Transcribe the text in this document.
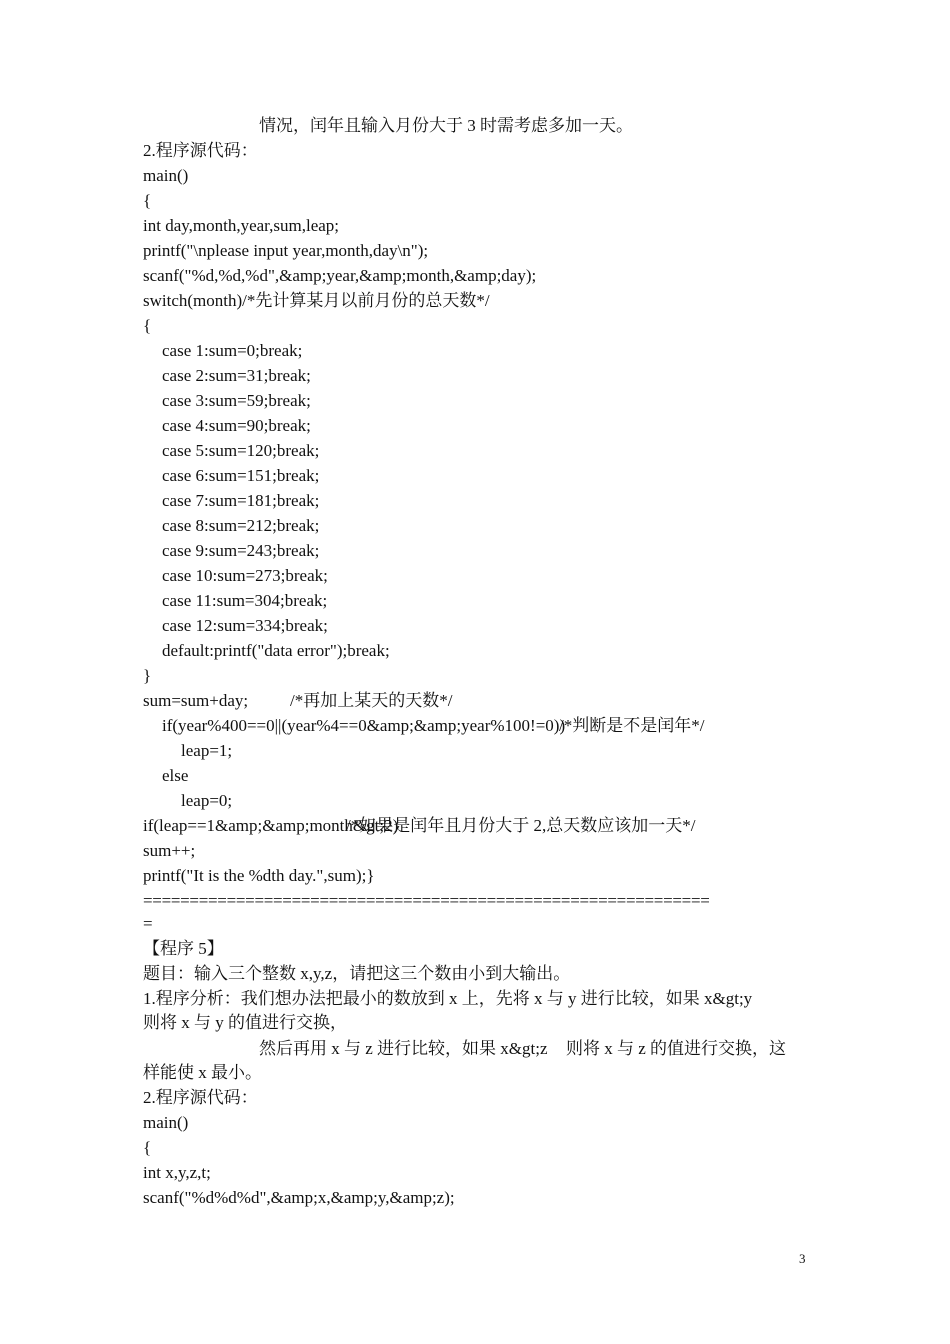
情况，闰年且输入月份大于 3 时需考虑多加一天。
2.程序源代码：
main()
{
int day,month,year,sum,leap;
printf("\nplease input year,month,day\n");
scanf("%d,%d,%d",&amp;year,&amp;month,&amp;day);
switch(month)/*先计算某月以前月份的总天数*/
{
case 1:sum=0;break;
case 2:sum=31;break;
case 3:sum=59;break;
case 4:sum=90;break;
case 5:sum=120;break;
case 6:sum=151;break;
case 7:sum=181;break;
case 8:sum=212;break;
case 9:sum=243;break;
case 10:sum=273;break;
case 11:sum=304;break;
case 12:sum=334;break;
default:printf("data error");break;
}
sum=sum+day; /*再加上某天的天数*/
if(year%400==0||(year%4==0&amp;&amp;year%100!=0))
/*判断是不是闰年*/
leap=1;
else
leap=0;
if(leap==1&amp;&amp;month&gt;2)
/*如果是闰年且月份大于 2,总天数应该加一天*/
sum++;
printf("It is the %dth day.",sum);}
=============================================================
=
【程序 5】
题目：输入三个整数 x,y,z，请把这三个数由小到大输出。
1.程序分析：我们想办法把最小的数放到 x 上，先将 x 与 y 进行比较，如果 x&gt;y
则将 x 与 y 的值进行交换，
然后再用 x 与 z 进行比较，如果 x&gt;z 则将 x 与 z 的值进行交换，这
样能使 x 最小。
2.程序源代码：
main()
{
int x,y,z,t;
scanf("%d%d%d",&amp;x,&amp;y,&amp;z);
3
